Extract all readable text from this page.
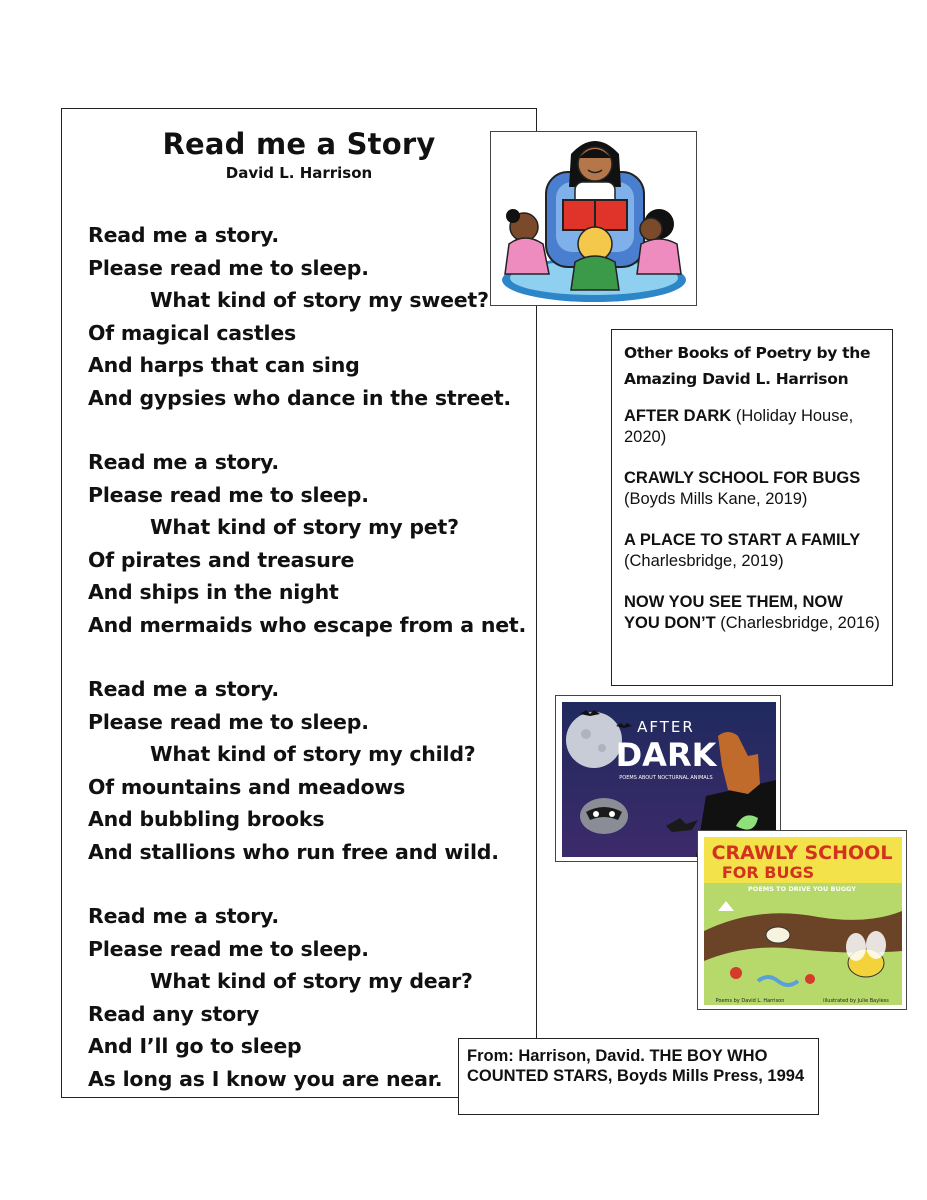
Read me a Story
David L. Harrison
Read me a story.
Please read me to sleep.
What kind of story my sweet?
Of magical castles
And harps that can sing
And gypsies who dance in the street.
Read me a story.
Please read me to sleep.
What kind of story my pet?
Of pirates and treasure
And ships in the night
And mermaids who escape from a net.
Read me a story.
Please read me to sleep.
What kind of story my child?
Of mountains and meadows
And bubbling brooks
And stallions who run free and wild.
Read me a story.
Please read me to sleep.
What kind of story my dear?
Read any story
And I’ll go to sleep
As long as I know you are near.
Other Books of Poetry by the Amazing David L. Harrison
AFTER DARK (Holiday House, 2020)
CRAWLY SCHOOL FOR BUGS (Boyds Mills Kane, 2019)
A PLACE TO START A FAMILY (Charlesbridge, 2019)
NOW YOU SEE THEM, NOW YOU DON’T (Charlesbridge, 2016)
AFTER
DARK
POEMS ABOUT NOCTURNAL ANIMALS
CRAWLY SCHOOL
FOR BUGS
POEMS TO DRIVE YOU BUGGY
Poems by David L. Harrison	illustrated by Julie Bayless
From: Harrison, David. THE BOY WHO COUNTED STARS, Boyds Mills Press, 1994
